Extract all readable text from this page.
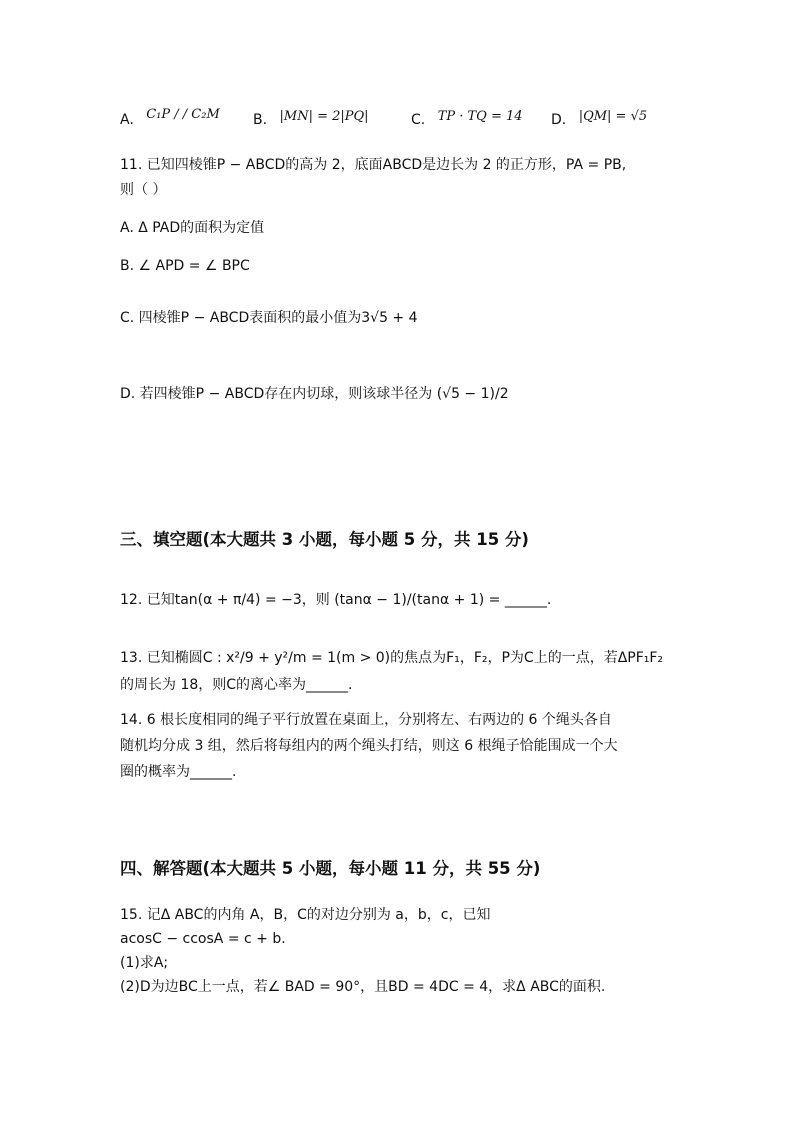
A. C₁P / / C₂M B. |MN| = 2|PQ|	C. TP · TQ = 14 D. |QM| = √5
11. 已知四棱锥P − ABCD的高为 2，底面ABCD是边长为 2 的正方形，PA = PB,
则（ ）
A. Δ PAD的面积为定值
B. ∠ APD = ∠ BPC
C. 四棱锥P − ABCD表面积的最小值为3√5 + 4
D. 若四棱锥P − ABCD存在内切球，则该球半径为 (√5 − 1)/2
三、填空题(本大题共 3 小题，每小题 5 分，共 15 分)
12. 已知tan(α + π/4) = −3，则 (tanα − 1)/(tanα + 1) = ______.
13. 已知椭圆C : x²/9 + y²/m = 1(m > 0)的焦点为F₁，F₂，P为C上的一点，若ΔPF₁F₂
的周长为 18，则C的离心率为______.
14. 6 根长度相同的绳子平行放置在桌面上，分别将左、右两边的 6 个绳头各自
随机均分成 3 组，然后将每组内的两个绳头打结，则这 6 根绳子恰能围成一个大
圈的概率为______.
四、解答题(本大题共 5 小题，每小题 11 分，共 55 分)
15. 记Δ ABC的内角 A，B，C的对边分别为 a，b，c，已知
acosC − ccosA = c + b.
(1)求A;
(2)D为边BC上一点，若∠ BAD = 90°，且BD = 4DC = 4，求Δ ABC的面积.
